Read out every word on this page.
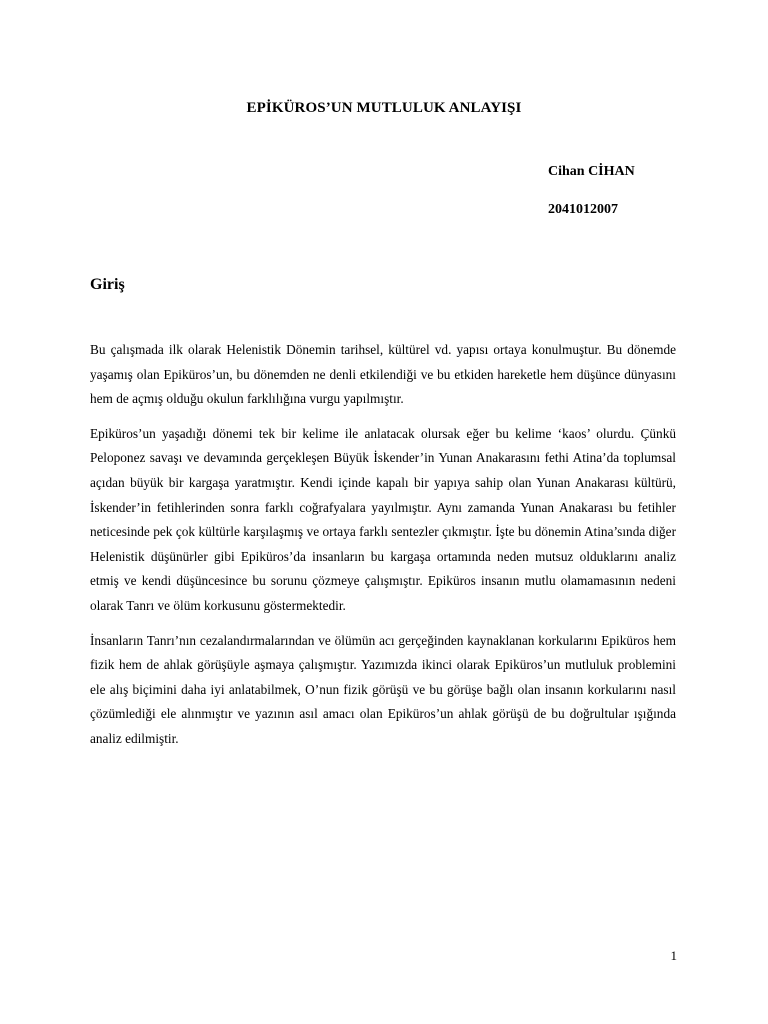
EPİKÜROS’UN MUTLULUK ANLAYIŞI
Cihan CİHAN
2041012007
Giriş

Bu çalışmada ilk olarak Helenistik Dönemin tarihsel, kültürel vd. yapısı ortaya konulmuştur. Bu dönemde yaşamış olan Epiküros’un, bu dönemden ne denli etkilendiği ve bu etkiden hareketle hem düşünce dünyasını hem de açmış olduğu okulun farklılığına vurgu yapılmıştır.

Epiküros’un yaşadığı dönemi tek bir kelime ile anlatacak olursak eğer bu kelime ‘kaos’ olurdu. Çünkü Peloponez savaşı ve devamında gerçekleşen Büyük İskender’in Yunan Anakarasını fethi Atina’da toplumsal açıdan büyük bir kargaşa yaratmıştır. Kendi içinde kapalı bir yapıya sahip olan Yunan Anakarası kültürü, İskender’in fetihlerinden sonra farklı coğrafyalara yayılmıştır. Aynı zamanda Yunan Anakarası bu fetihler neticesinde pek çok kültürle karşılaşmış ve ortaya farklı sentezler çıkmıştır. İşte bu dönemin Atina’sında diğer Helenistik düşünürler gibi Epiküros’da insanların bu kargaşa ortamında neden mutsuz olduklarını analiz etmiş ve kendi düşüncesince bu sorunu çözmeye çalışmıştır. Epiküros insanın mutlu olamamasının nedeni olarak Tanrı ve ölüm korkusunu göstermektedir.

İnsanların Tanrı’nın cezalandırmalarından ve ölümün acı gerçeğinden kaynaklanan korkularını Epiküros hem fizik hem de ahlak görüşüyle aşmaya çalışmıştır. Yazımızda ikinci olarak Epiküros’un mutluluk problemini ele alış biçimini daha iyi anlatabilmek, O’nun fizik görüşü ve bu görüşe bağlı olan insanın korkularını nasıl çözümlediği ele alınmıştır ve yazının asıl amacı olan Epiküros’un ahlak görüşü de bu doğrultular ışığında analiz edilmiştir.

1
